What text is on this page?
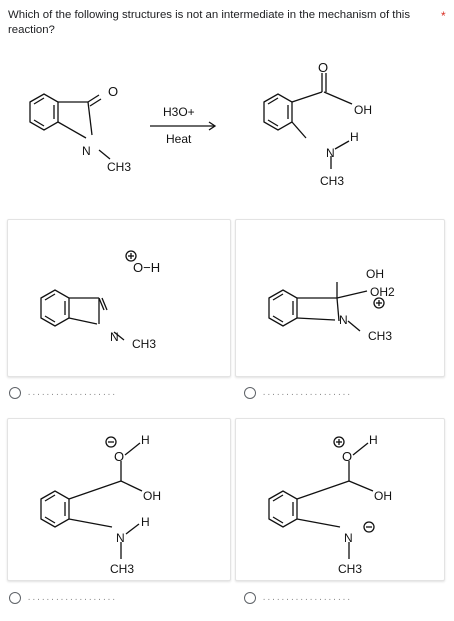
Which of the following structures is not an intermediate in the mechanism of this reaction?
*
O
N
CH3
H3O+
Heat
O
OH
N
H
CH3
O−H
N CH3
OH
OH2
N
CH3
O
H
OH
N
H
CH3
O
H
OH
N
CH3
...................	...................
...................	...................
